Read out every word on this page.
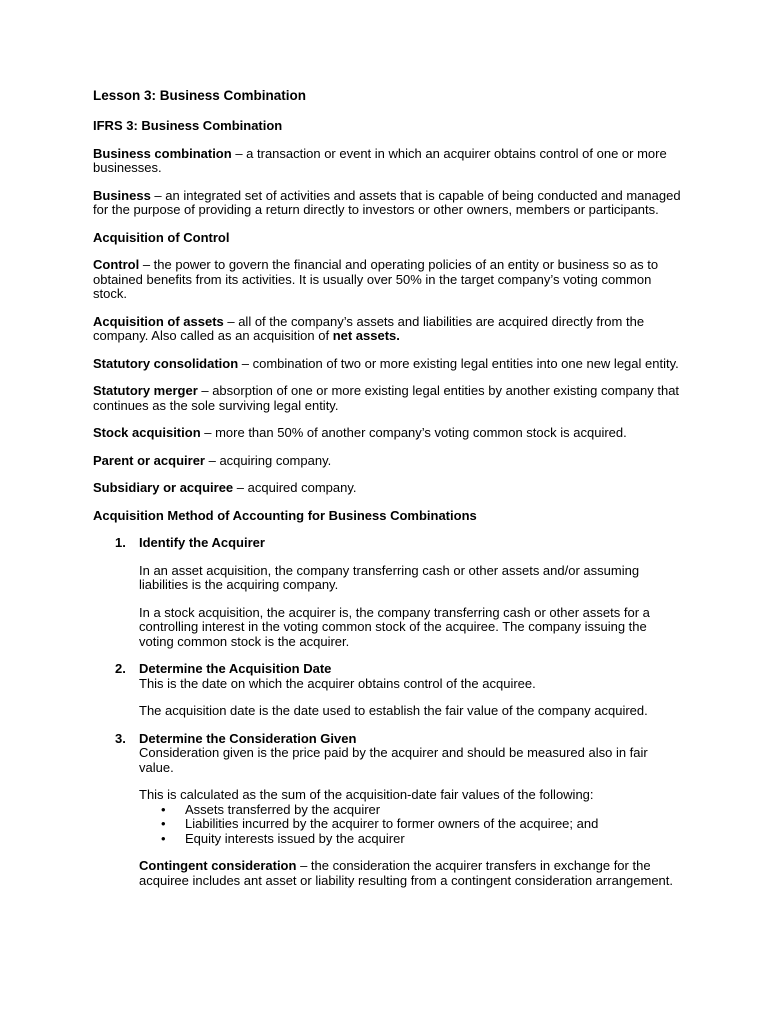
Lesson 3: Business Combination
IFRS 3: Business Combination

Business combination – a transaction or event in which an acquirer obtains control of one or more businesses.

Business – an integrated set of activities and assets that is capable of being conducted and managed for the purpose of providing a return directly to investors or other owners, members or participants.

Acquisition of Control

Control – the power to govern the financial and operating policies of an entity or business so as to obtained benefits from its activities. It is usually over 50% in the target company’s voting common stock.

Acquisition of assets – all of the company’s assets and liabilities are acquired directly from the company. Also called as an acquisition of net assets.

Statutory consolidation – combination of two or more existing legal entities into one new legal entity.

Statutory merger – absorption of one or more existing legal entities by another existing company that continues as the sole surviving legal entity.

Stock acquisition – more than 50% of another company’s voting common stock is acquired.

Parent or acquirer – acquiring company.

Subsidiary or acquiree – acquired company.

Acquisition Method of Accounting for Business Combinations
1. Identify the Acquirer

In an asset acquisition, the company transferring cash or other assets and/or assuming liabilities is the acquiring company.

In a stock acquisition, the acquirer is, the company transferring cash or other assets for a controlling interest in the voting common stock of the acquiree. The company issuing the voting common stock is the acquirer.

2. Determine the Acquisition Date

This is the date on which the acquirer obtains control of the acquiree.

The acquisition date is the date used to establish the fair value of the company acquired.

3. Determine the Consideration Given

Consideration given is the price paid by the acquirer and should be measured also in fair value.

This is calculated as the sum of the acquisition-date fair values of the following:

• Assets transferred by the acquirer
• Liabilities incurred by the acquirer to former owners of the acquiree; and
• Equity interests issued by the acquirer

Contingent consideration – the consideration the acquirer transfers in exchange for the acquiree includes ant asset or liability resulting from a contingent consideration arrangement.
